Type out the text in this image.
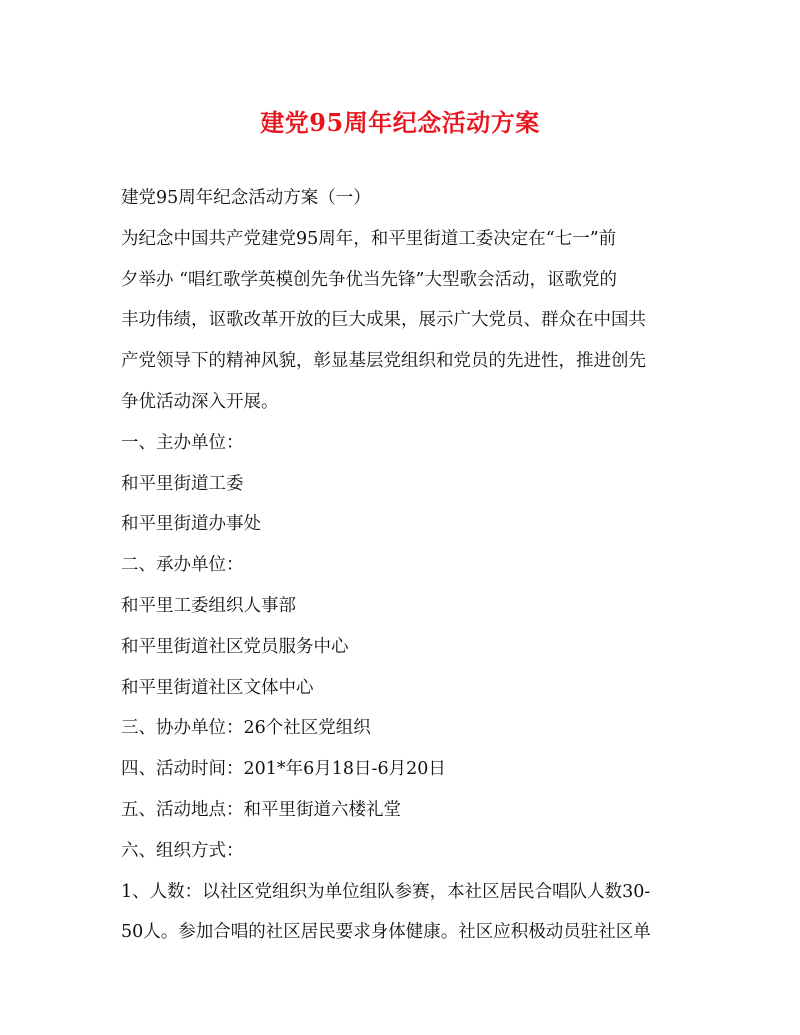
建党95周年纪念活动方案

建党95周年纪念活动方案（一）

为纪念中国共产党建党95周年，和平里街道工委决定在“七一”前

夕举办 “唱红歌学英模创先争优当先锋”大型歌会活动，讴歌党的

丰功伟绩，讴歌改革开放的巨大成果，展示广大党员、群众在中国共

产党领导下的精神风貌，彰显基层党组织和党员的先进性，推进创先

争优活动深入开展。

一、主办单位：

和平里街道工委

和平里街道办事处

二、承办单位：

和平里工委组织人事部

和平里街道社区党员服务中心

和平里街道社区文体中心

三、协办单位：26个社区党组织

四、活动时间：201*年6月18日-6月20日

五、活动地点：和平里街道六楼礼堂

六、组织方式：

1、人数：以社区党组织为单位组队参赛，本社区居民合唱队人数30-

50人。参加合唱的社区居民要求身体健康。社区应积极动员驻社区单
